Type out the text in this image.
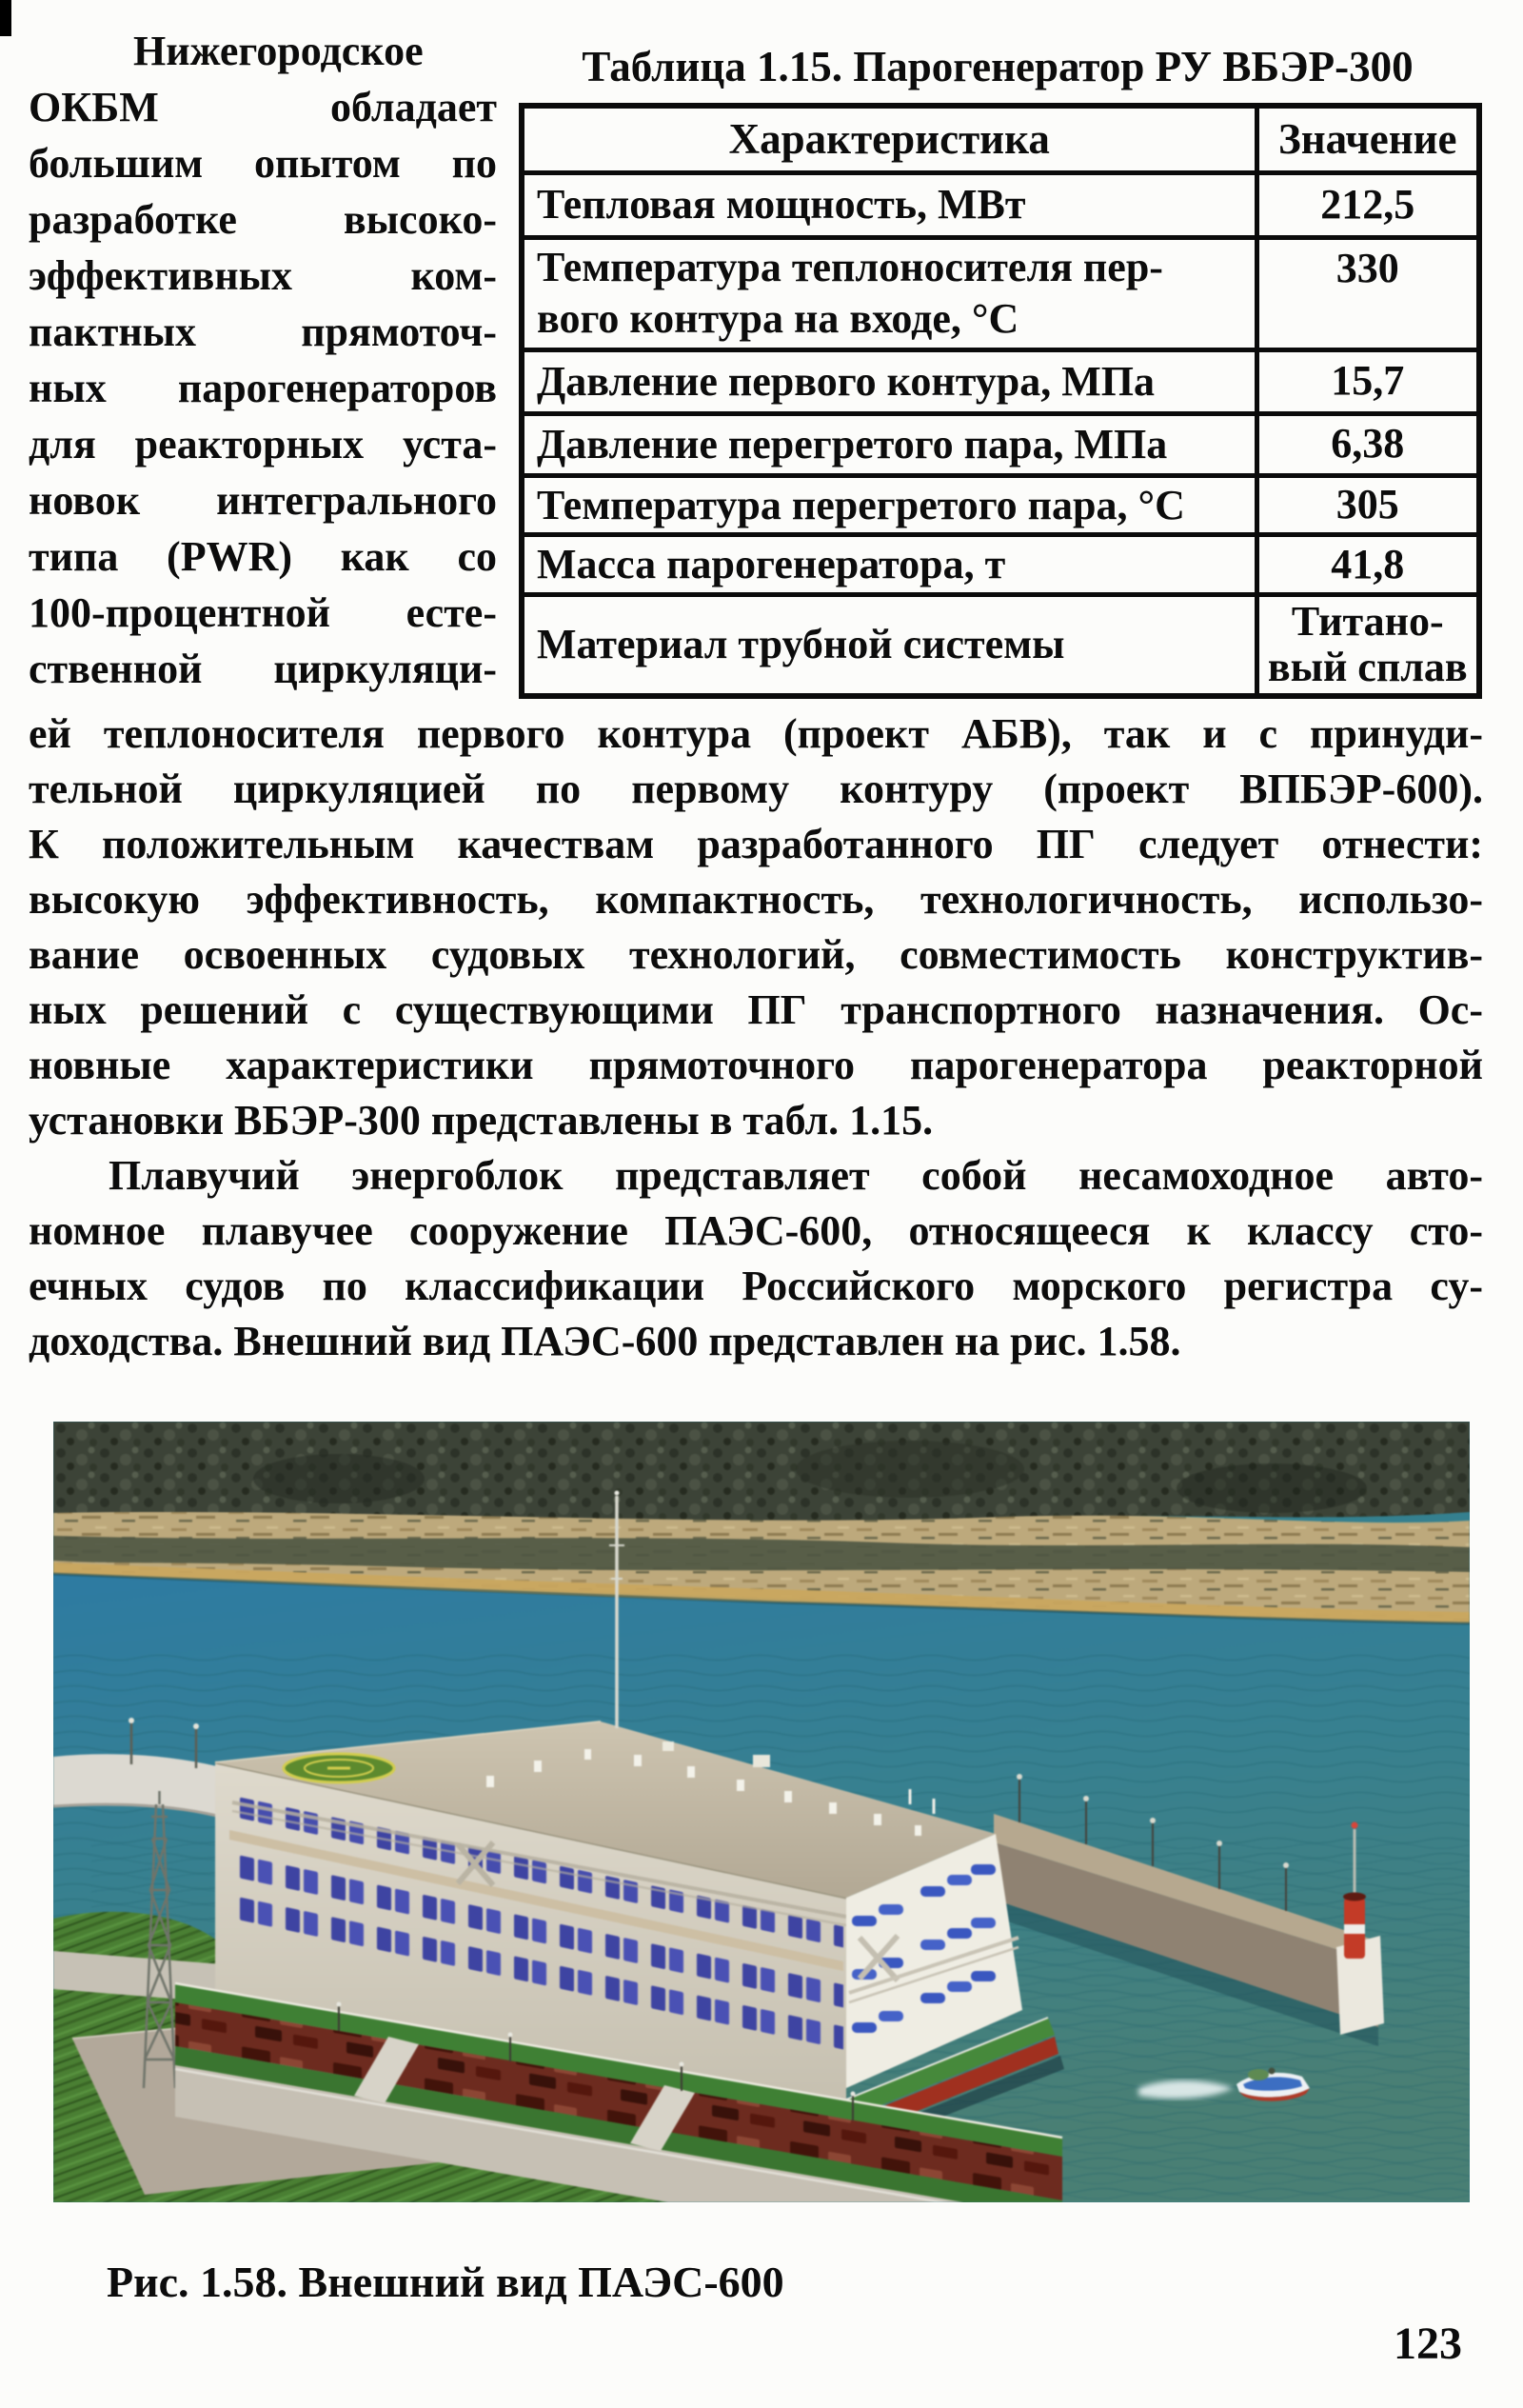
Нижегородское
ОКБМ обладает
большим опытом по
разработке высоко-
эффективных ком-
пактных прямоточ-
ных парогенераторов
для реакторных уста-
новок интегрального
типа (PWR) как со
100-процентной есте-
ственной циркуляци-
Таблица 1.15. Парогенератор РУ ВБЭР-300
Характеристика	Значение

Тепловая мощность, МВт	212,5

Температура теплоносителя пер-
вого контура на входе, °С	330

Давление первого контура, МПа	15,7

Давление перегретого пара, МПа	6,38

Температура перегретого пара, °С	305

Масса парогенератора, т	41,8

Материал трубной системы	Титано-
вый сплав
ей теплоносителя первого контура (проект АБВ), так и с принуди-
тельной циркуляцией по первому контуру (проект ВПБЭР-600).
К положительным качествам разработанного ПГ следует отнести:
высокую эффективность, компактность, технологичность, использо-
вание освоенных судовых технологий, совместимость конструктив-
ных решений с существующими ПГ транспортного назначения. Ос-
новные характеристики прямоточного парогенератора реакторной
установки ВБЭР-300 представлены в табл. 1.15.
Плавучий энергоблок представляет собой несамоходное авто-
номное плавучее сооружение ПАЭС-600, относящееся к классу сто-
ечных судов по классификации Российского морского регистра су-
доходства. Внешний вид ПАЭС-600 представлен на рис. 1.58.
Рис. 1.58. Внешний вид ПАЭС-600
123
